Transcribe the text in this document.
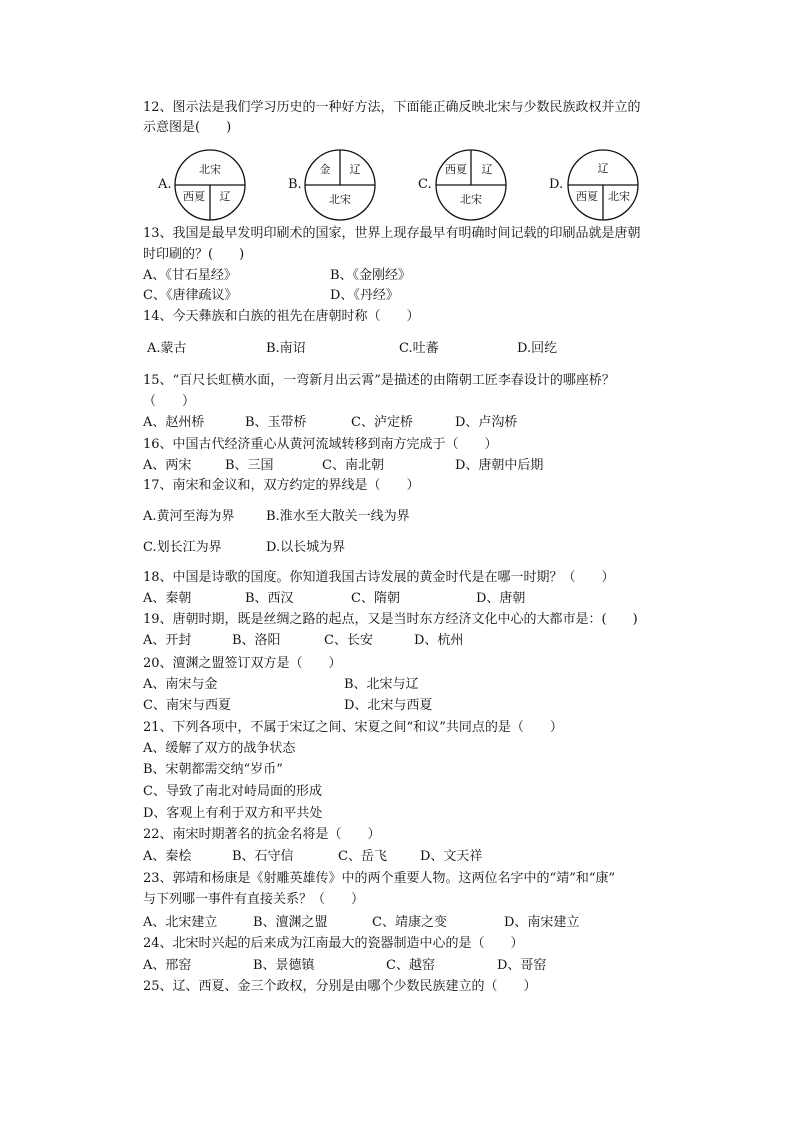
12、图示法是我们学习历史的一种好方法，下面能正确反映北宋与少数民族政权并立的
示意图是(　　)
A.
北宋
西夏 辽
B.
金 辽
北宋
C.
西夏 辽
北宋
D.
辽
西夏 北宋
13、我国是最早发明印刷术的国家，世界上现存最早有明确时间记载的印刷品就是唐朝
时印刷的？(　　)
A、《甘石星经》	B、《金刚经》
C、《唐律疏议》	D、《丹经》
14、今天彝族和白族的祖先在唐朝时称（　　）
A.蒙古	B.南诏	C.吐蕃	D.回纥
15、“百尺长虹横水面，一弯新月出云霄”是描述的由隋朝工匠李春设计的哪座桥？
（　　）
A、赵州桥	B、玉带桥	C、泸定桥	D、卢沟桥
16、中国古代经济重心从黄河流域转移到南方完成于（　　）
A、两宋	B、三国	C、南北朝	D、唐朝中后期
17、南宋和金议和，双方约定的界线是（　　）
A.黄河至海为界 B.淮水至大散关一线为界
C.划长江为界	D.以长城为界
18、中国是诗歌的国度。你知道我国古诗发展的黄金时代是在哪一时期？（　　）
A、秦朝	B、西汉	C、隋朝	D、唐朝
19、唐朝时期，既是丝绸之路的起点，又是当时东方经济文化中心的大都市是：(　　)
A、开封	B、洛阳	C、长安	D、杭州
20、澶渊之盟签订双方是（　　）
A、南宋与金	B、北宋与辽
C、南宋与西夏	D、北宋与西夏
21、下列各项中，不属于宋辽之间、宋夏之间“和议”共同点的是（　　）
A、缓解了双方的战争状态
B、宋朝都需交纳“岁币”
C、导致了南北对峙局面的形成
D、客观上有利于双方和平共处
22、南宋时期著名的抗金名将是（　　）
A、秦桧	B、石守信	C、岳飞	D、文天祥
23、郭靖和杨康是《射雕英雄传》中的两个重要人物。这两位名字中的“靖”和“康”
与下列哪一事件有直接关系？（　　）
A、北宋建立	B、澶渊之盟	C、靖康之变	D、南宋建立
24、北宋时兴起的后来成为江南最大的瓷器制造中心的是（　　）
A、邢窑	B、景德镇	C、越窑	D、哥窑
25、辽、西夏、金三个政权，分别是由哪个少数民族建立的（　　）
